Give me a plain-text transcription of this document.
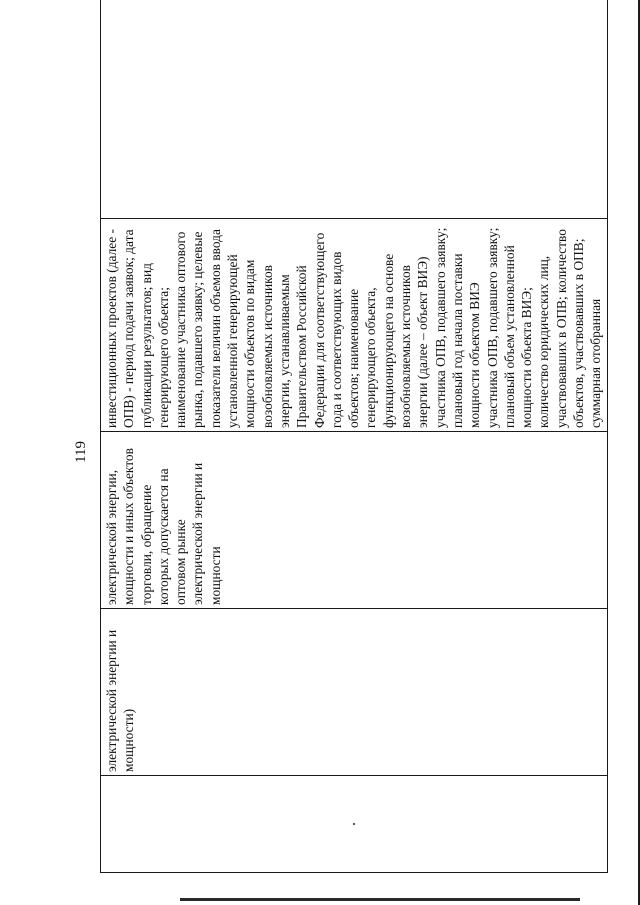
119

электрической энергии и мощности)

электрической энергии, мощности и иных объектов торговли, обращение которых допускается на оптовом рынке электрической энергии и мощности

инвестиционных проектов (далее - ОПВ) - период подачи заявок; дата публикации результатов; вид генерирующего объекта; наименование участника оптового рынка, подавшего заявку; целевые показатели величин объемов ввода установленной генерирующей мощности объектов по видам возобновляемых источников энергии, устанавливаемым Правительством Российской Федерации для соответствующего года и соответствующих видов объектов; наименование генерирующего объекта, функционирующего на основе возобновляемых источников энергии (далее – объект ВИЭ) участника ОПВ, подавшего заявку; плановый год начала поставки мощности объектом ВИЭ участника ОПВ, подавшего заявку; плановый объем установленной мощности объекта ВИЭ; количество юридических лиц, участвовавших в ОПВ; количество объектов, участвовавших в ОПВ; суммарная отобранная
